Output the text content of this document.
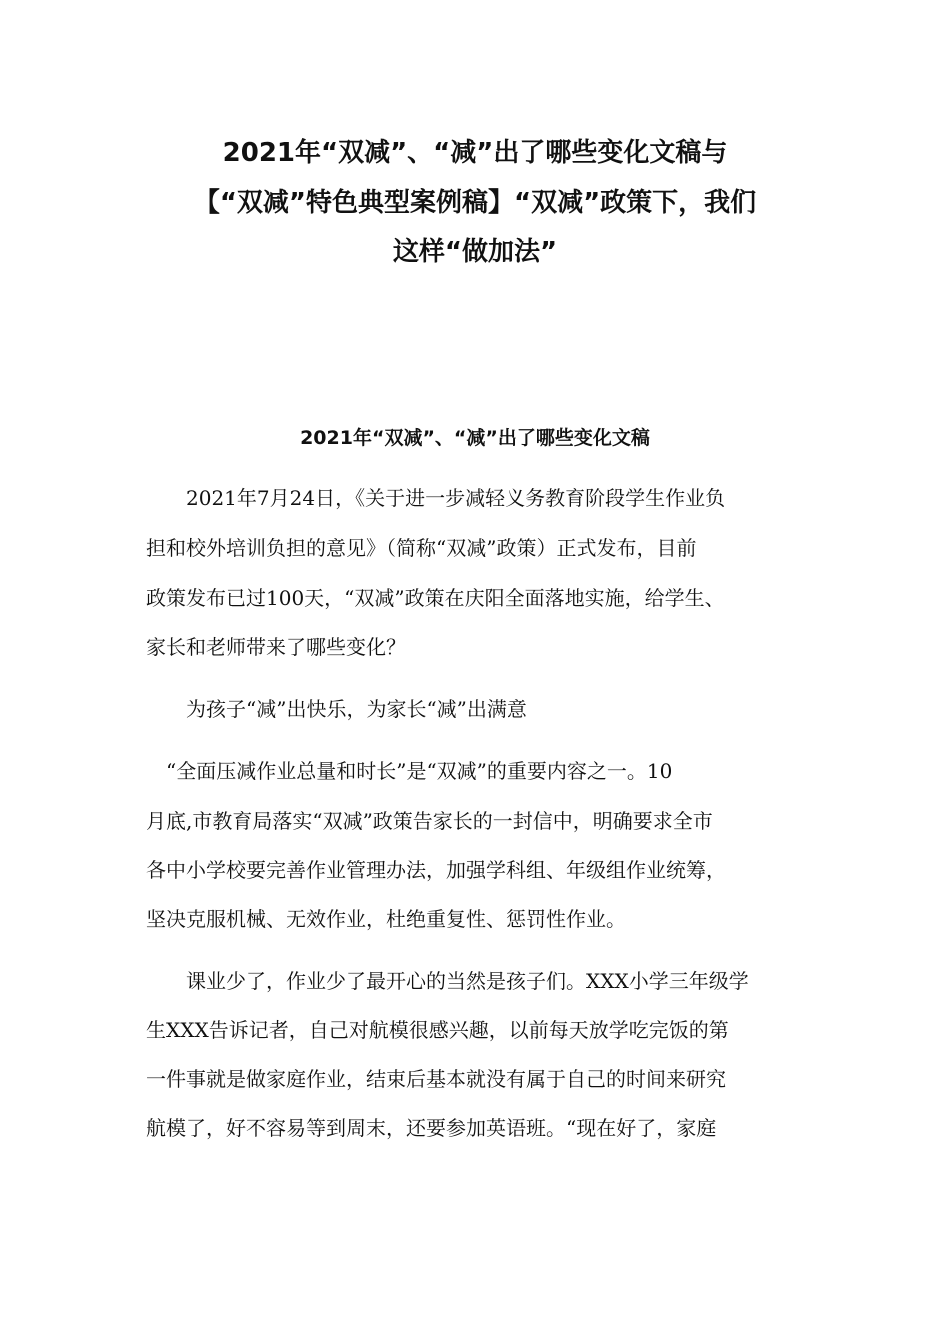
2021年“双减”、“减”出了哪些变化文稿与
【“双减”特色典型案例稿】“双减”政策下，我们
这样“做加法”
2021年“双减”、“减”出了哪些变化文稿
2021年7月24日，《关于进一步减轻义务教育阶段学生作业负
担和校外培训负担的意见》（简称“双减”政策）正式发布，目前
政策发布已过100天，“双减”政策在庆阳全面落地实施，给学生、
家长和老师带来了哪些变化？
为孩子“减”出快乐，为家长“减”出满意
“全面压减作业总量和时长”是“双减”的重要内容之一。10
月底,市教育局落实“双减”政策告家长的一封信中，明确要求全市
各中小学校要完善作业管理办法，加强学科组、年级组作业统筹，
坚决克服机械、无效作业，杜绝重复性、惩罚性作业。
课业少了，作业少了最开心的当然是孩子们。XXX小学三年级学
生XXX告诉记者，自己对航模很感兴趣，以前每天放学吃完饭的第
一件事就是做家庭作业，结束后基本就没有属于自己的时间来研究
航模了，好不容易等到周末，还要参加英语班。“现在好了，家庭
